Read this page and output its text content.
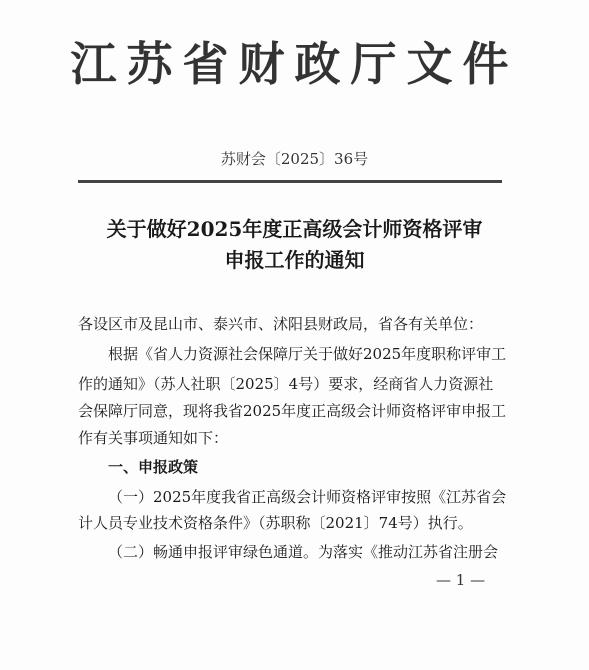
江苏省财政厅文件
苏财会〔2025〕36号
关于做好2025年度正高级会计师资格评审
申报工作的通知
各设区市及昆山市、泰兴市、沭阳县财政局，省各有关单位：
根据《省人力资源社会保障厅关于做好2025年度职称评审工
作的通知》（苏人社职〔2025〕4号）要求，经商省人力资源社
会保障厅同意，现将我省2025年度正高级会计师资格评审申报工
作有关事项通知如下：
一、申报政策
（一）2025年度我省正高级会计师资格评审按照《江苏省会
计人员专业技术资格条件》（苏职称〔2021〕74号）执行。
（二）畅通申报评审绿色通道。为落实《推动江苏省注册会
— 1 —
